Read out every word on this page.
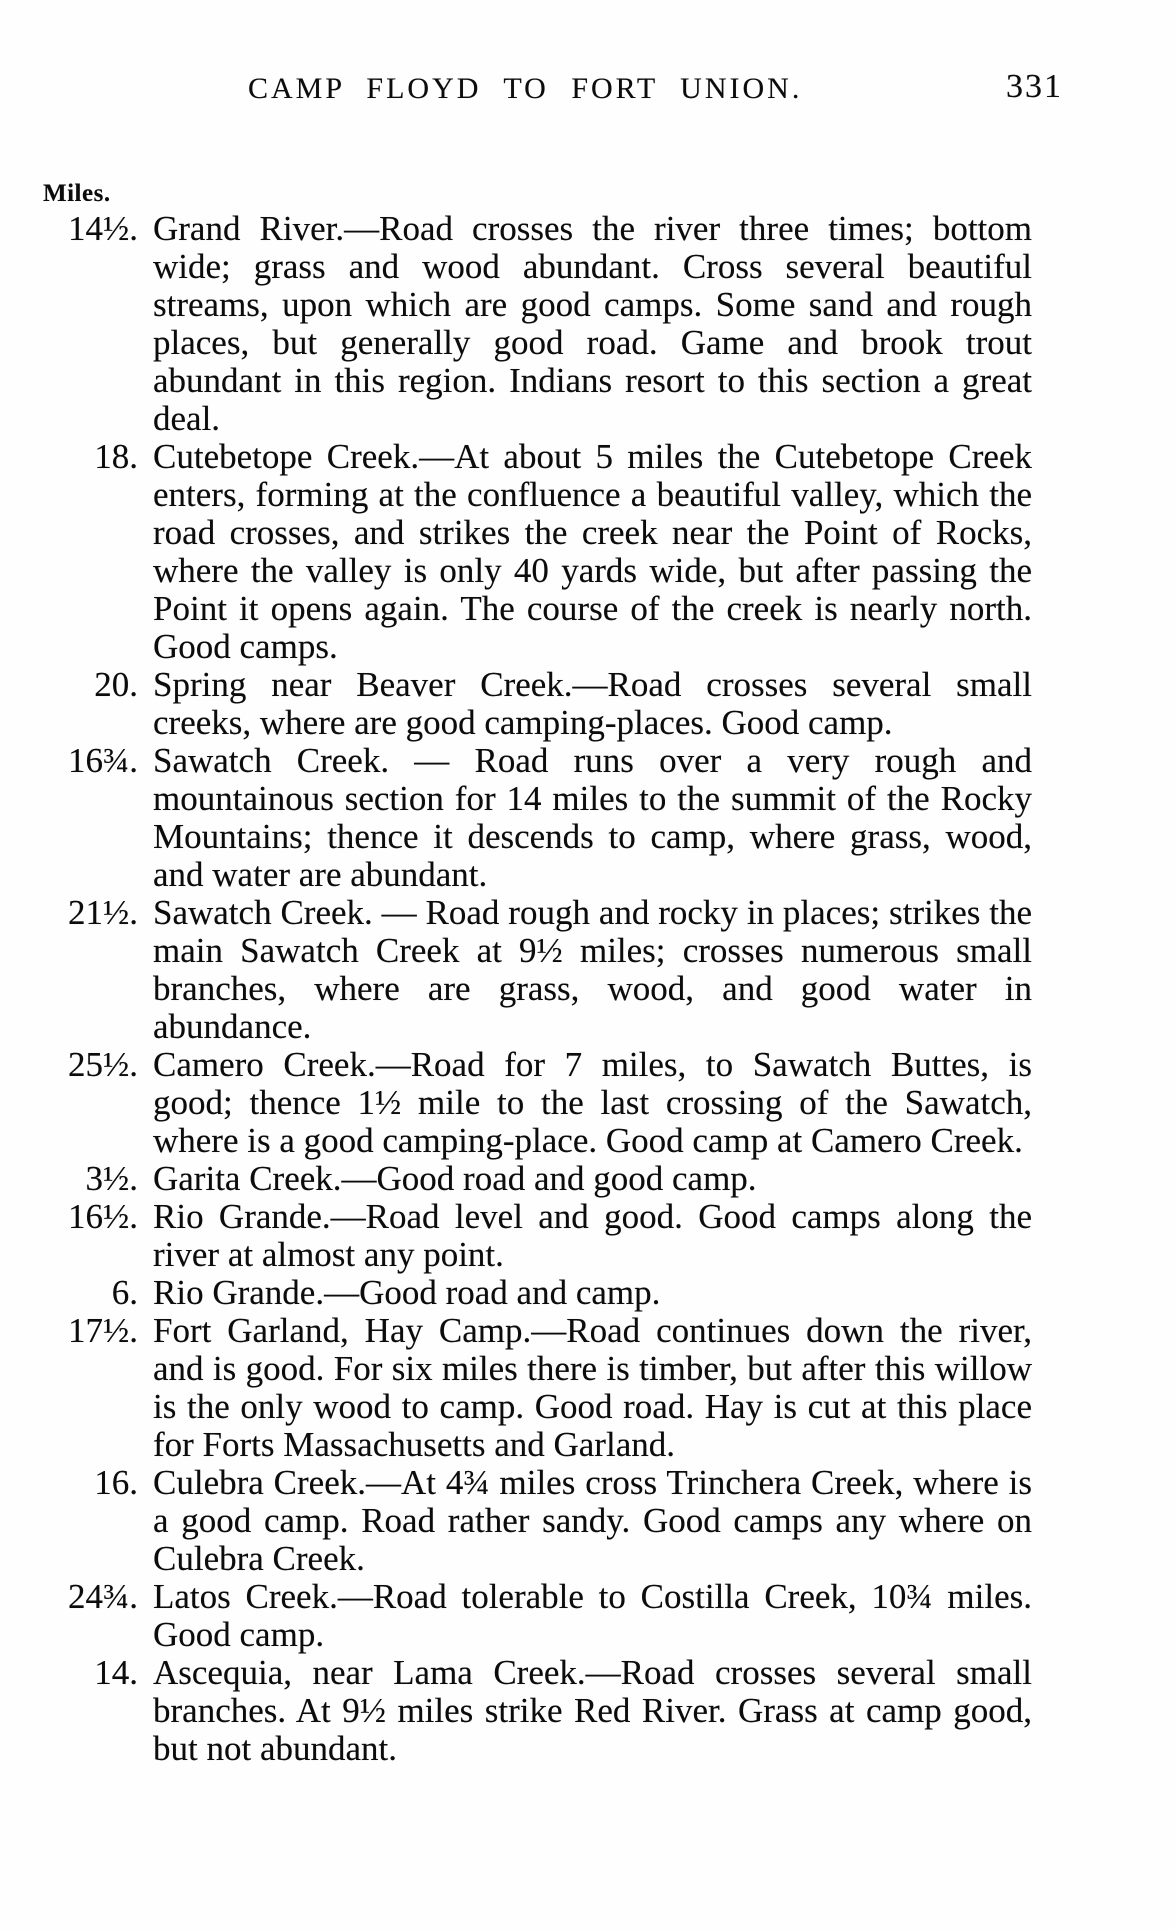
CAMP FLOYD TO FORT UNION.	331
Miles.
14½. Grand River.—Road crosses the river three times; bottom wide; grass and wood abundant. Cross several beautiful streams, upon which are good camps. Some sand and rough places, but generally good road. Game and brook trout abundant in this region. Indians resort to this section a great deal.
18. Cutebetope Creek.—At about 5 miles the Cutebetope Creek enters, forming at the confluence a beautiful valley, which the road crosses, and strikes the creek near the Point of Rocks, where the valley is only 40 yards wide, but after passing the Point it opens again. The course of the creek is nearly north. Good camps.
20. Spring near Beaver Creek.—Road crosses several small creeks, where are good camping-places. Good camp.
16¾. Sawatch Creek. — Road runs over a very rough and mountainous section for 14 miles to the summit of the Rocky Mountains; thence it descends to camp, where grass, wood, and water are abundant.
21½. Sawatch Creek. — Road rough and rocky in places; strikes the main Sawatch Creek at 9½ miles; crosses numerous small branches, where are grass, wood, and good water in abundance.
25½. Camero Creek.—Road for 7 miles, to Sawatch Buttes, is good; thence 1½ mile to the last crossing of the Sawatch, where is a good camping-place. Good camp at Camero Creek.
3½. Garita Creek.—Good road and good camp.
16½. Rio Grande.—Road level and good. Good camps along the river at almost any point.
6. Rio Grande.—Good road and camp.
17½. Fort Garland, Hay Camp.—Road continues down the river, and is good. For six miles there is timber, but after this willow is the only wood to camp. Good road. Hay is cut at this place for Forts Massachusetts and Garland.
16. Culebra Creek.—At 4¾ miles cross Trinchera Creek, where is a good camp. Road rather sandy. Good camps any where on Culebra Creek.
24¾. Latos Creek.—Road tolerable to Costilla Creek, 10¾ miles. Good camp.
14. Ascequia, near Lama Creek.—Road crosses several small branches. At 9½ miles strike Red River. Grass at camp good, but not abundant.
